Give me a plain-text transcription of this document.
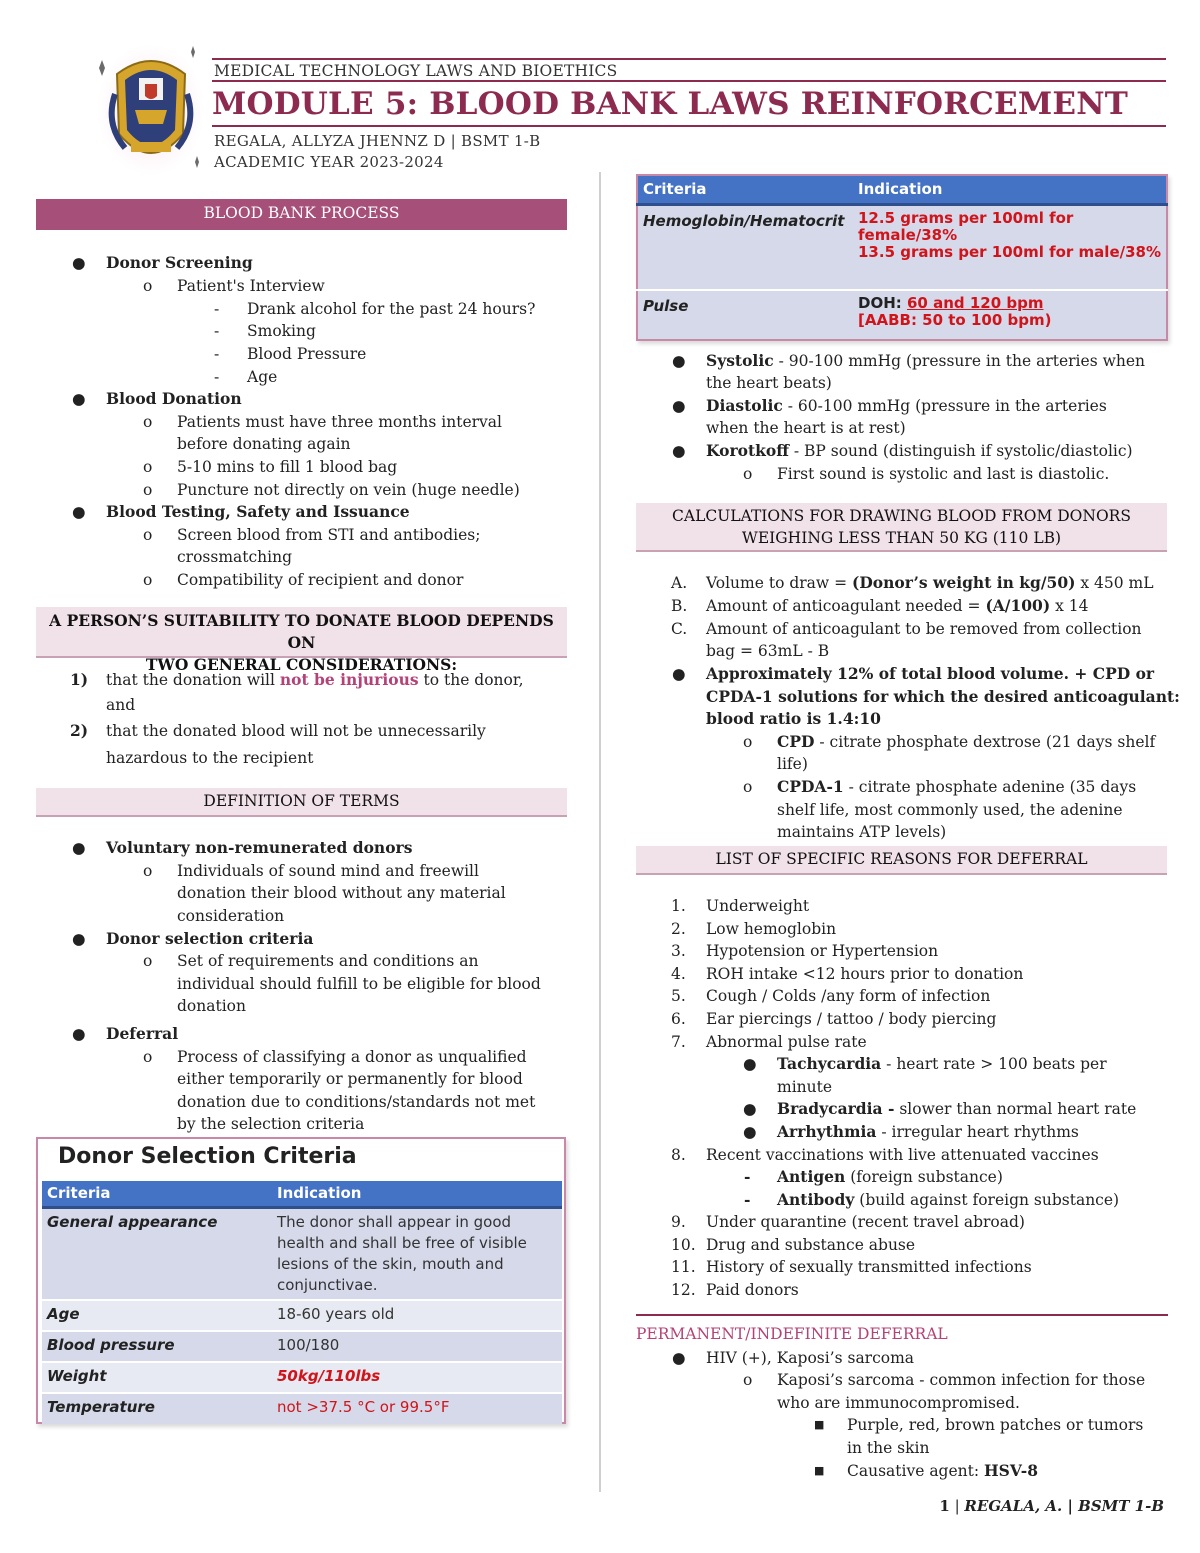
MEDICAL TECHNOLOGY LAWS AND BIOETHICS
MODULE 5: BLOOD BANK LAWS REINFORCEMENT
REGALA, ALLYZA JHENNZ D | BSMT 1-B
ACADEMIC YEAR 2023-2024
BLOOD BANK PROCESS
● Donor Screening
o Patient's Interview
- Drank alcohol for the past 24 hours?
- Smoking
- Blood Pressure
- Age
● Blood Donation
o Patients must have three months interval
before donating again
o 5-10 mins to fill 1 blood bag
o Puncture not directly on vein (huge needle)
● Blood Testing, Safety and Issuance
o Screen blood from STI and antibodies;
crossmatching
o Compatibility of recipient and donor
A PERSON’S SUITABILITY TO DONATE BLOOD DEPENDS ON
TWO GENERAL CONSIDERATIONS:
1) that the donation will not be injurious to the donor,
and
2) that the donated blood will not be unnecessarily
hazardous to the recipient
DEFINITION OF TERMS
● Voluntary non-remunerated donors
o Individuals of sound mind and freewill
donation their blood without any material
consideration
● Donor selection criteria
o Set of requirements and conditions an
individual should fulfill to be eligible for blood
donation
● Deferral
o Process of classifying a donor as unqualified
either temporarily or permanently for blood
donation due to conditions/standards not met
by the selection criteria
Donor Selection Criteria
Criteria	Indication
General appearance	The donor shall appear in good
health and shall be free of visible
lesions of the skin, mouth and
conjunctivae.

Age	18-60 years old
Blood pressure	100/180
Weight	50kg/110lbs
Temperature	not >37.5 °C or 99.5°F
Criteria	Indication
Hemoglobin/Hematocrit	12.5 grams per 100ml for
female/38%
13.5 grams per 100ml for male/38%

Pulse	DOH: 60 and 120 bpm
[AABB: 50 to 100 bpm)
● Systolic - 90-100 mmHg (pressure in the arteries when
the heart beats)
● Diastolic - 60-100 mmHg (pressure in the arteries
when the heart is at rest)
● Korotkoff - BP sound (distinguish if systolic/diastolic)
o First sound is systolic and last is diastolic.
CALCULATIONS FOR DRAWING BLOOD FROM DONORS
WEIGHING LESS THAN 50 KG (110 LB)
A. Volume to draw = (Donor’s weight in kg/50) x 450 mL
B. Amount of anticoagulant needed = (A/100) x 14
C. Amount of anticoagulant to be removed from collection
bag = 63mL - B
● Approximately 12% of total blood volume. + CPD or
CPDA-1 solutions for which the desired anticoagulant:
blood ratio is 1.4:10
o CPD - citrate phosphate dextrose (21 days shelf
life)
o CPDA-1 - citrate phosphate adenine (35 days
shelf life, most commonly used, the adenine
maintains ATP levels)
LIST OF SPECIFIC REASONS FOR DEFERRAL
1. Underweight
2. Low hemoglobin
3. Hypotension or Hypertension
4. ROH intake <12 hours prior to donation
5. Cough / Colds /any form of infection
6. Ear piercings / tattoo / body piercing
7. Abnormal pulse rate
● Tachycardia - heart rate > 100 beats per
minute
● Bradycardia - slower than normal heart rate
● Arrhythmia - irregular heart rhythms
8. Recent vaccinations with live attenuated vaccines
- Antigen (foreign substance)
- Antibody (build against foreign substance)
9. Under quarantine (recent travel abroad)
10. Drug and substance abuse
11. History of sexually transmitted infections
12. Paid donors
PERMANENT/INDEFINITE DEFERRAL
● HIV (+), Kaposi’s sarcoma
o Kaposi’s sarcoma - common infection for those
who are immunocompromised.
■ Purple, red, brown patches or tumors
in the skin
■ Causative agent: HSV-8
1 | REGALA, A. | BSMT 1-B
